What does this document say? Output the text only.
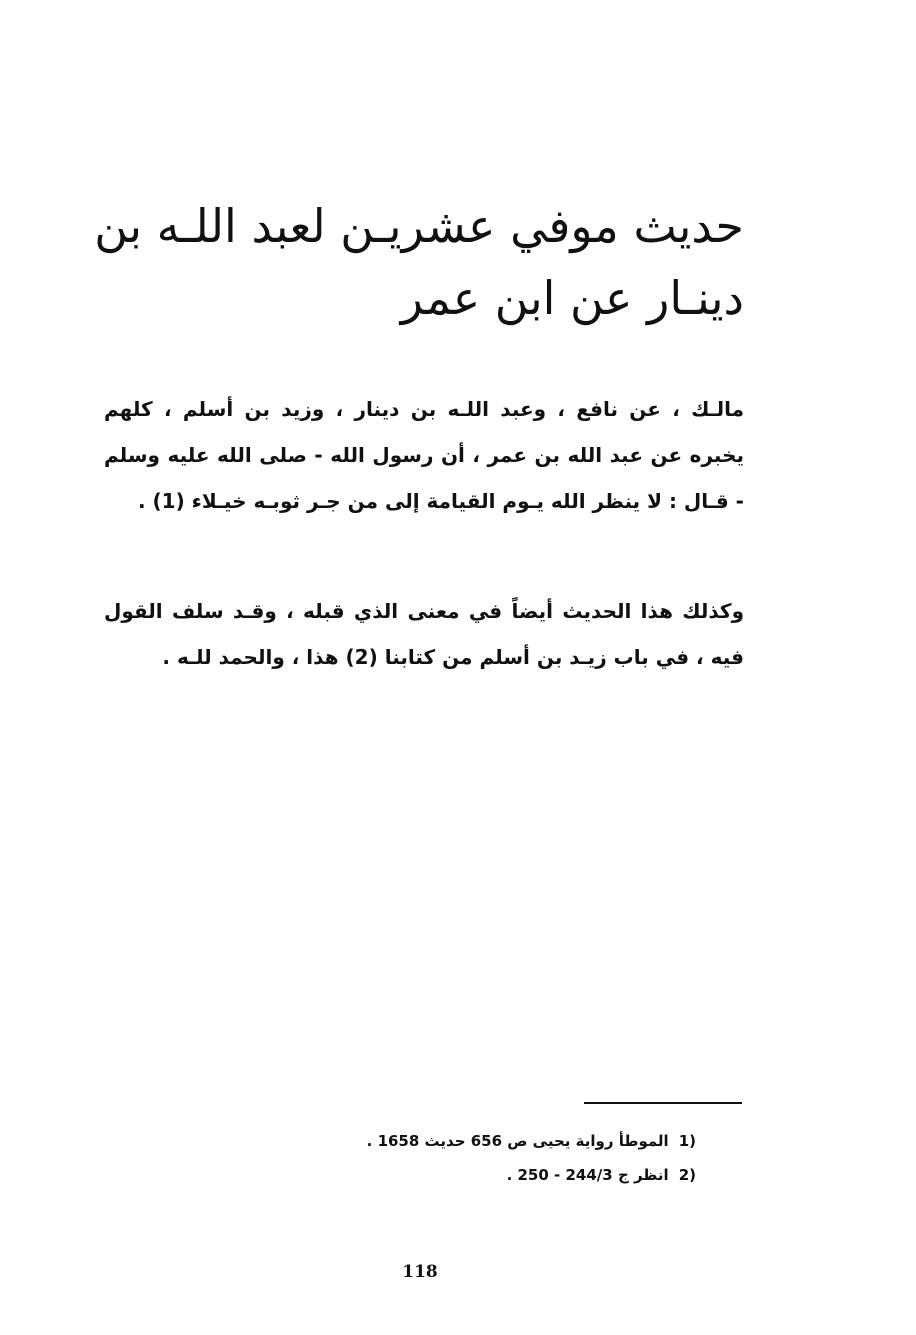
حديث موفي عشريـن لعبد اللـه بن
دينـار عن ابن عمر

مالـك ، عن نافع ، وعبد اللـه بن دينار ، وزيد بن أسلم ، كلهم يخبره عن عبد الله بن عمر ، أن رسول الله - صلى الله عليه وسلم - قـال : لا ينظر الله يـوم القيامة إلى من جـر ثوبـه خيـلاء (1) .

وكذلك هذا الحديث أيضاً في معنى الذي قبله ، وقـد سلف القول فيه ، في باب زيـد بن أسلم من كتابنا (2) هذا ، والحمد للـه .

(1الموطأ رواية يحيى ص 656 حديث 1658 .
(2انظر ج 244/3 - 250 .
118
